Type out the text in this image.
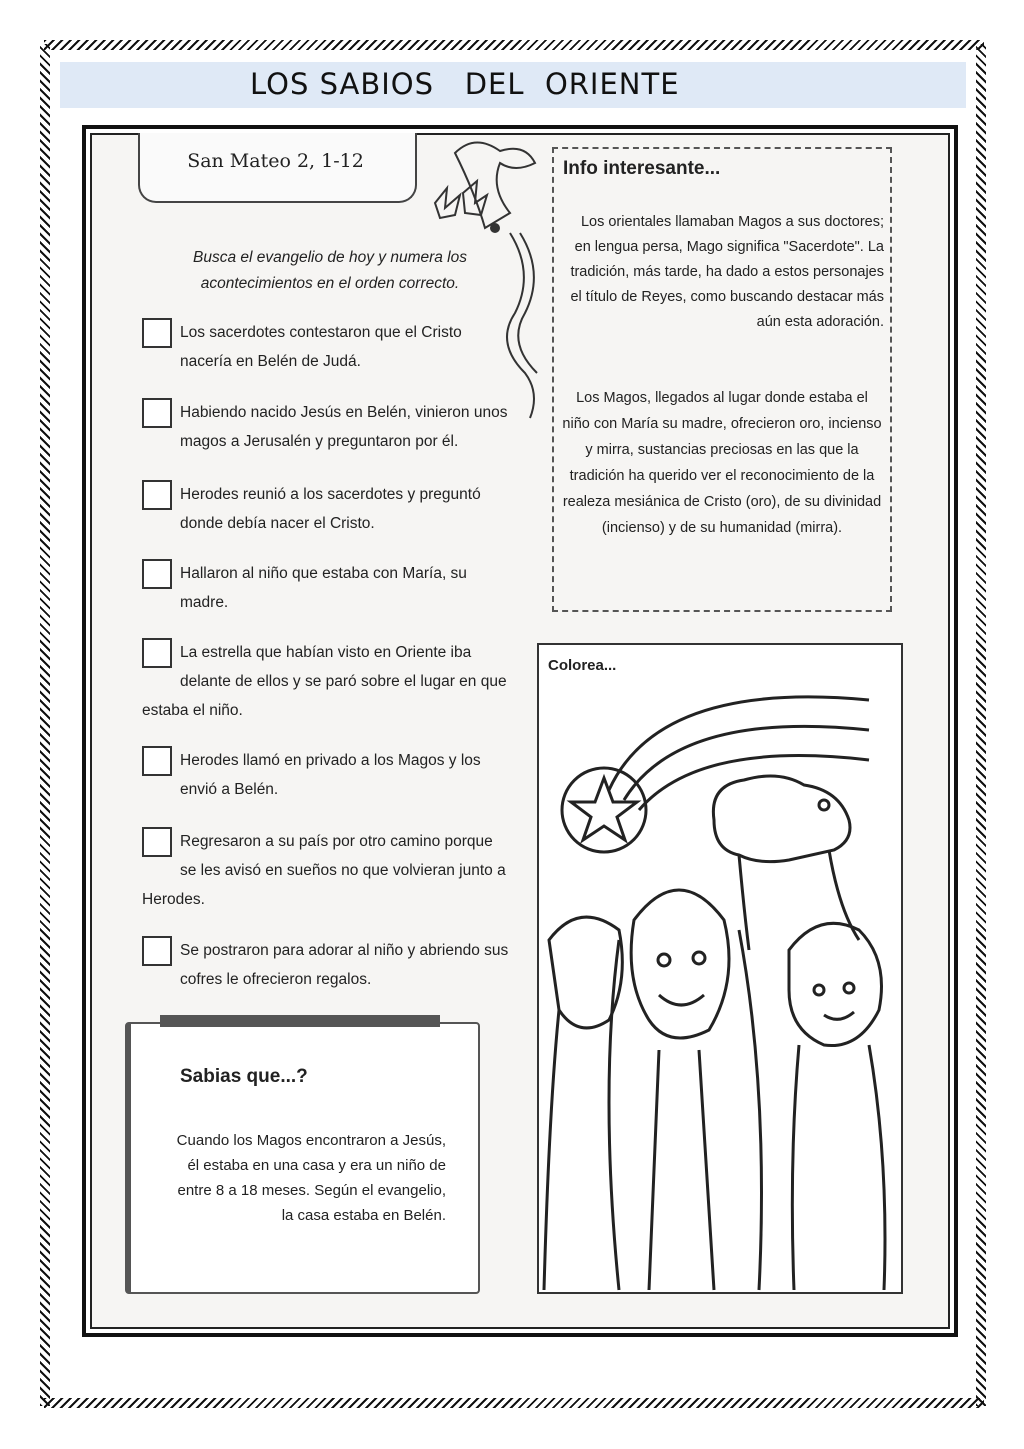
LOS SABIOS   DEL  ORIENTE
San Mateo 2, 1-12
Busca el evangelio de hoy y numera los acontecimientos en el orden correcto.
Los sacerdotes contestaron que el Cristo nacería en Belén de Judá.
Habiendo nacido Jesús en Belén, vinieron unos magos a Jerusalén y preguntaron por él.
Herodes reunió a los sacerdotes y preguntó donde debía nacer el Cristo.
Hallaron al niño que estaba con María, su madre.
La estrella que habían visto en Oriente iba delante de ellos y se paró sobre el lugar en que estaba el niño.
Herodes llamó en privado a los Magos y los envió a Belén.
Regresaron a su país por otro camino porque se les avisó en sueños no que volvieran junto a Herodes.
Se postraron para adorar al niño y abriendo sus cofres le ofrecieron regalos.
Info interesante...
Los orientales llamaban Magos a sus doctores; en lengua persa, Mago significa "Sacerdote". La tradición, más tarde, ha dado a estos personajes el título de Reyes, como buscando destacar más aún esta adoración.
Los Magos, llegados al lugar donde estaba el niño con María su madre, ofrecieron oro, incienso y mirra, sustancias preciosas en las que la tradición ha querido ver el reconocimiento de la realeza mesiánica de Cristo (oro), de su divinidad (incienso) y de su humanidad (mirra).
Colorea...
Sabias que...?
Cuando los Magos encontraron a Jesús, él estaba en una casa y era un niño de entre 8 a 18 meses. Según el evangelio, la casa estaba en Belén.
